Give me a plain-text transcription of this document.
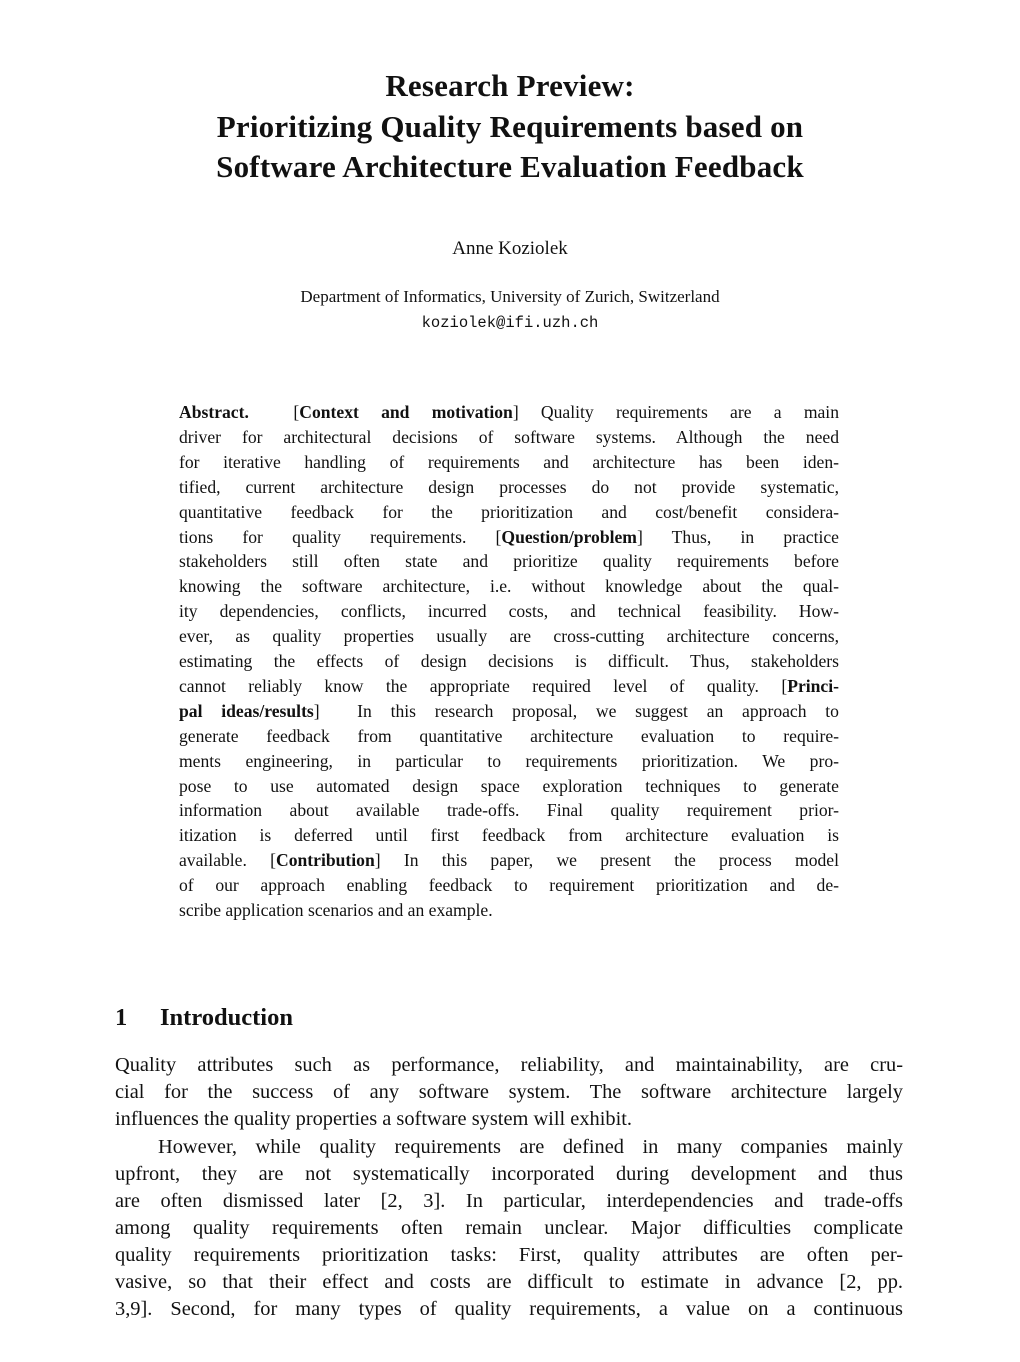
Research Preview:
Prioritizing Quality Requirements based on
Software Architecture Evaluation Feedback
Anne Koziolek
Department of Informatics, University of Zurich, Switzerland
koziolek@ifi.uzh.ch
Abstract.  [Context and motivation] Quality requirements are a main
driver for architectural decisions of software systems. Although the need
for iterative handling of requirements and architecture has been iden-
tified, current architecture design processes do not provide systematic,
quantitative feedback for the prioritization and cost/benefit considera-
tions for quality requirements. [Question/problem] Thus, in practice
stakeholders still often state and prioritize quality requirements before
knowing the software architecture, i.e. without knowledge about the qual-
ity dependencies, conflicts, incurred costs, and technical feasibility. How-
ever, as quality properties usually are cross-cutting architecture concerns,
estimating the effects of design decisions is difficult. Thus, stakeholders
cannot reliably know the appropriate required level of quality. [Princi-
pal ideas/results]  In this research proposal, we suggest an approach to
generate feedback from quantitative architecture evaluation to require-
ments engineering, in particular to requirements prioritization. We pro-
pose to use automated design space exploration techniques to generate
information about available trade-offs. Final quality requirement prior-
itization is deferred until first feedback from architecture evaluation is
available. [Contribution] In this paper, we present the process model
of our approach enabling feedback to requirement prioritization and de-
scribe application scenarios and an example.
1 Introduction
Quality attributes such as performance, reliability, and maintainability, are cru-
cial for the success of any software system. The software architecture largely
influences the quality properties a software system will exhibit.
However, while quality requirements are defined in many companies mainly
upfront, they are not systematically incorporated during development and thus
are often dismissed later [2, 3]. In particular, interdependencies and trade-offs
among quality requirements often remain unclear. Major difficulties complicate
quality requirements prioritization tasks: First, quality attributes are often per-
vasive, so that their effect and costs are difficult to estimate in advance [2, pp.
3,9]. Second, for many types of quality requirements, a value on a continuous
